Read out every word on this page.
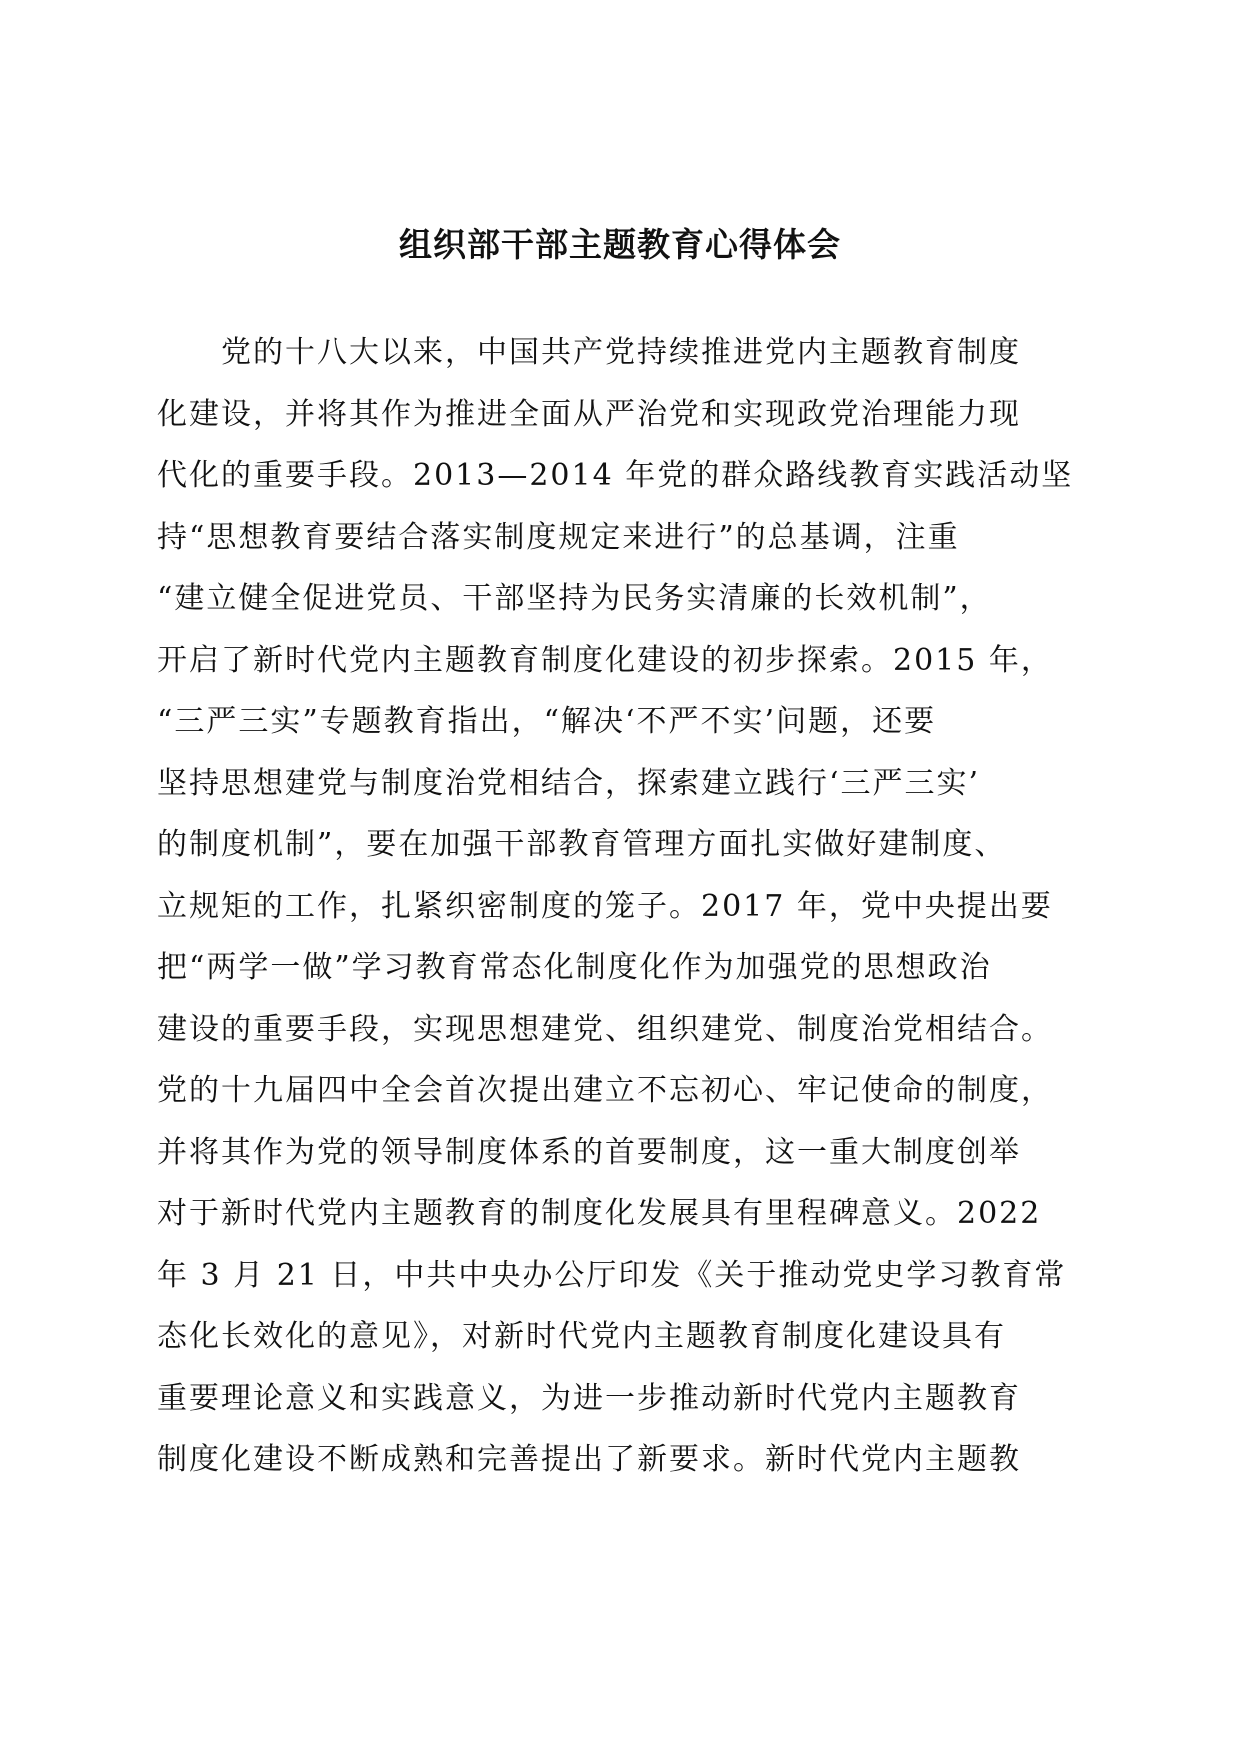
组织部干部主题教育心得体会
　　党的十八大以来，中国共产党持续推进党内主题教育制度
化建设，并将其作为推进全面从严治党和实现政党治理能力现
代化的重要手段。2013—2014 年党的群众路线教育实践活动坚
持“思想教育要结合落实制度规定来进行”的总基调，注重
“建立健全促进党员、干部坚持为民务实清廉的长效机制”，
开启了新时代党内主题教育制度化建设的初步探索。2015 年，
“三严三实”专题教育指出，“解决‘不严不实’问题，还要
坚持思想建党与制度治党相结合，探索建立践行‘三严三实’
的制度机制”，要在加强干部教育管理方面扎实做好建制度、
立规矩的工作，扎紧织密制度的笼子。2017 年，党中央提出要
把“两学一做”学习教育常态化制度化作为加强党的思想政治
建设的重要手段，实现思想建党、组织建党、制度治党相结合。
党的十九届四中全会首次提出建立不忘初心、牢记使命的制度，
并将其作为党的领导制度体系的首要制度，这一重大制度创举
对于新时代党内主题教育的制度化发展具有里程碑意义。2022
年 3 月 21 日，中共中央办公厅印发《关于推动党史学习教育常
态化长效化的意见》，对新时代党内主题教育制度化建设具有
重要理论意义和实践意义，为进一步推动新时代党内主题教育
制度化建设不断成熟和完善提出了新要求。新时代党内主题教
